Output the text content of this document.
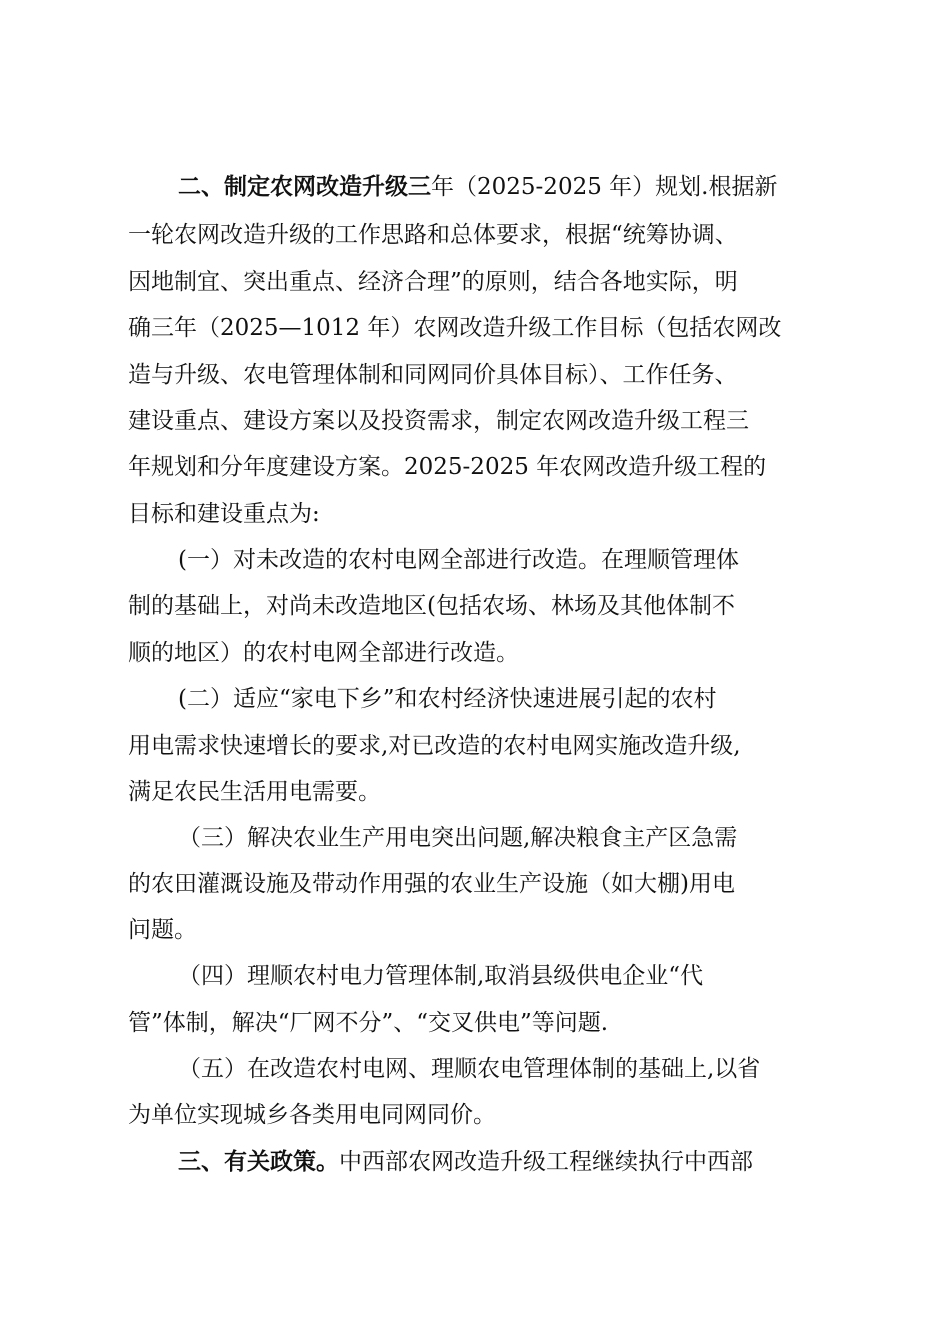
二、制定农网改造升级三年（2025-2025 年）规划.根据新
一轮农网改造升级的工作思路和总体要求，根据“统筹协调、
因地制宜、突出重点、经济合理”的原则，结合各地实际，明
确三年（2025—1012 年）农网改造升级工作目标（包括农网改
造与升级、农电管理体制和同网同价具体目标）、工作任务、
建设重点、建设方案以及投资需求，制定农网改造升级工程三
年规划和分年度建设方案。2025-2025 年农网改造升级工程的
目标和建设重点为:
(一）对未改造的农村电网全部进行改造。在理顺管理体
制的基础上，对尚未改造地区(包括农场、林场及其他体制不
顺的地区）的农村电网全部进行改造。
(二）适应“家电下乡”和农村经济快速进展引起的农村
用电需求快速增长的要求,对已改造的农村电网实施改造升级,
满足农民生活用电需要。
（三）解决农业生产用电突出问题,解决粮食主产区急需
的农田灌溉设施及带动作用强的农业生产设施（如大棚)用电
问题。
（四）理顺农村电力管理体制,取消县级供电企业“代
管”体制，解决“厂网不分”、“交叉供电”等问题.
（五）在改造农村电网、理顺农电管理体制的基础上,以省
为单位实现城乡各类用电同网同价。
三、有关政策。中西部农网改造升级工程继续执行中西部
